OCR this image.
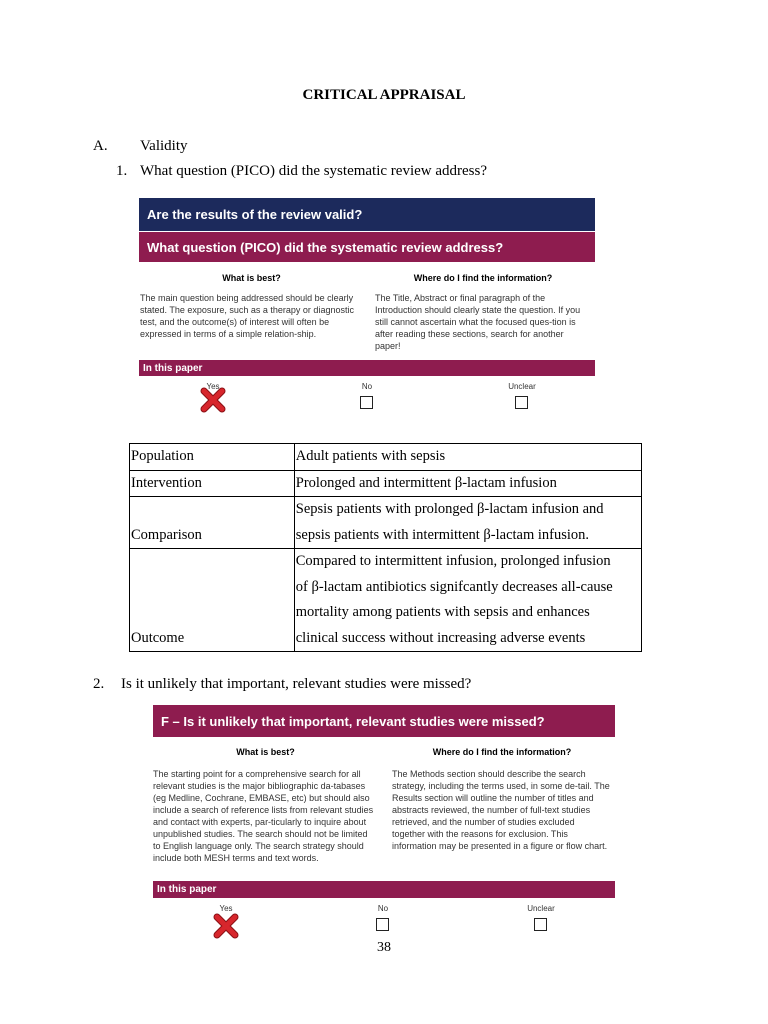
CRITICAL APPRAISAL
A. Validity
1. What question (PICO) did the systematic review address?
Are the results of the review valid?
What question (PICO) did the systematic review address?
What is best?	Where do I find the information?
The main question being addressed should be clearly stated. The exposure, such as a therapy or diagnostic test, and the outcome(s) of interest will often be expressed in terms of a simple relation-ship.
The Title, Abstract or final paragraph of the Introduction should clearly state the question. If you still cannot ascertain what the focused ques-tion is after reading these sections, search for another paper!
In this paper
Yes	No	Unclear
Population	Adult patients with sepsis

Intervention	Prolonged and intermittent β-lactam infusion

Comparison	Sepsis patients with prolonged β-lactam infusion and
sepsis patients with intermittent β-lactam infusion.

Outcome	Compared to intermittent infusion, prolonged infusion
of β-lactam antibiotics signifcantly decreases all-cause
mortality among patients with sepsis and enhances
clinical success without increasing adverse events
2. Is it unlikely that important, relevant studies were missed?
F – Is it unlikely that important, relevant studies were missed?
What is best?	Where do I find the information?
The starting point for a comprehensive search for all relevant studies is the major bibliographic da-tabases (eg Medline, Cochrane, EMBASE, etc) but should also include a search of reference lists from relevant studies and contact with experts, par-ticularly to inquire about unpublished studies. The search should not be limited to English language only. The search strategy should include both MESH terms and text words.
The Methods section should describe the search strategy, including the terms used, in some de-tail. The Results section will outline the number of titles and abstracts reviewed, the number of full-text studies retrieved, and the number of studies excluded together with the reasons for exclusion. This information may be presented in a figure or flow chart.
In this paper
Yes	No	Unclear
38
